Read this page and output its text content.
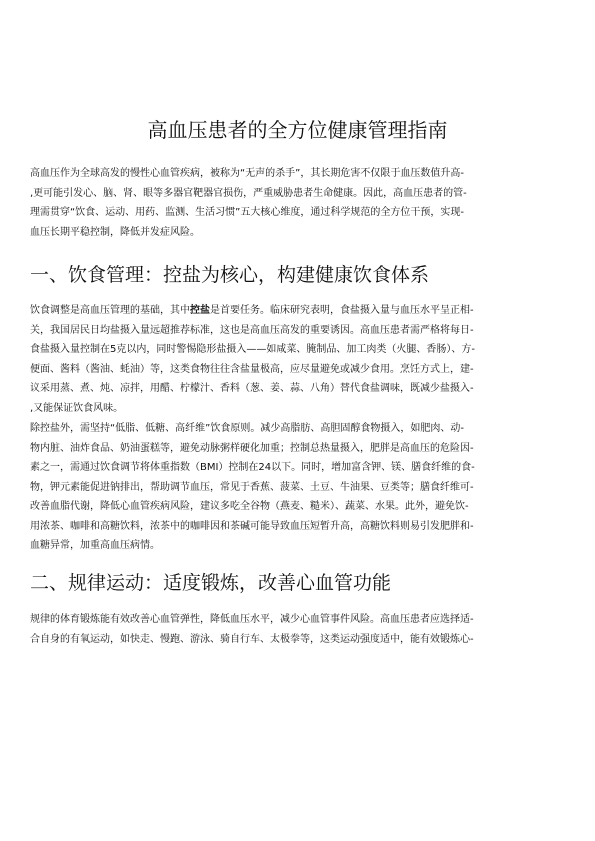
高血压患者的全方位健康管理指南

高血压作为全球高发的慢性心血管疾病，被称为“无声的杀手”，其长期危害不仅限于血压数值升高-
,更可能引发心、脑、肾、眼等多器官靶器官损伤，严重威胁患者生命健康。因此，高血压患者的管-
理需贯穿“饮食、运动、用药、监测、生活习惯”五大核心维度，通过科学规范的全方位干预，实现-
血压长期平稳控制，降低并发症风险。

一、饮食管理：控盐为核心，构建健康饮食体系

饮食调整是高血压管理的基础，其中控盐是首要任务。临床研究表明，食盐摄入量与血压水平呈正相-
关，我国居民日均盐摄入量远超推荐标准，这也是高血压高发的重要诱因。高血压患者需严格将每日-
食盐摄入量控制在5克以内，同时警惕隐形盐摄入——如咸菜、腌制品、加工肉类（火腿、香肠）、方-
便面、酱料（酱油、蚝油）等，这类食物往往含盐量极高，应尽量避免或减少食用。烹饪方式上，建-
议采用蒸、煮、炖、凉拌，用醋、柠檬汁、香料（葱、姜、蒜、八角）替代食盐调味，既减少盐摄入-
,又能保证饮食风味。

除控盐外，需坚持“低脂、低糖、高纤维”饮食原则。减少高脂肪、高胆固醇食物摄入，如肥肉、动-
物内脏、油炸食品、奶油蛋糕等，避免动脉粥样硬化加重；控制总热量摄入，肥胖是高血压的危险因-
素之一，需通过饮食调节将体重指数（BMI）控制在24以下。同时，增加富含钾、镁、膳食纤维的食-
物，钾元素能促进钠排出，帮助调节血压，常见于香蕉、菠菜、土豆、牛油果、豆类等；膳食纤维可-
改善血脂代谢，降低心血管疾病风险，建议多吃全谷物（燕麦、糙米）、蔬菜、水果。此外，避免饮-
用浓茶、咖啡和高糖饮料，浓茶中的咖啡因和茶碱可能导致血压短暂升高，高糖饮料则易引发肥胖和-
血糖异常，加重高血压病情。

二、规律运动：适度锻炼，改善心血管功能

规律的体育锻炼能有效改善心血管弹性，降低血压水平，减少心血管事件风险。高血压患者应选择适-
合自身的有氧运动，如快走、慢跑、游泳、骑自行车、太极拳等，这类运动强度适中，能有效锻炼心-
